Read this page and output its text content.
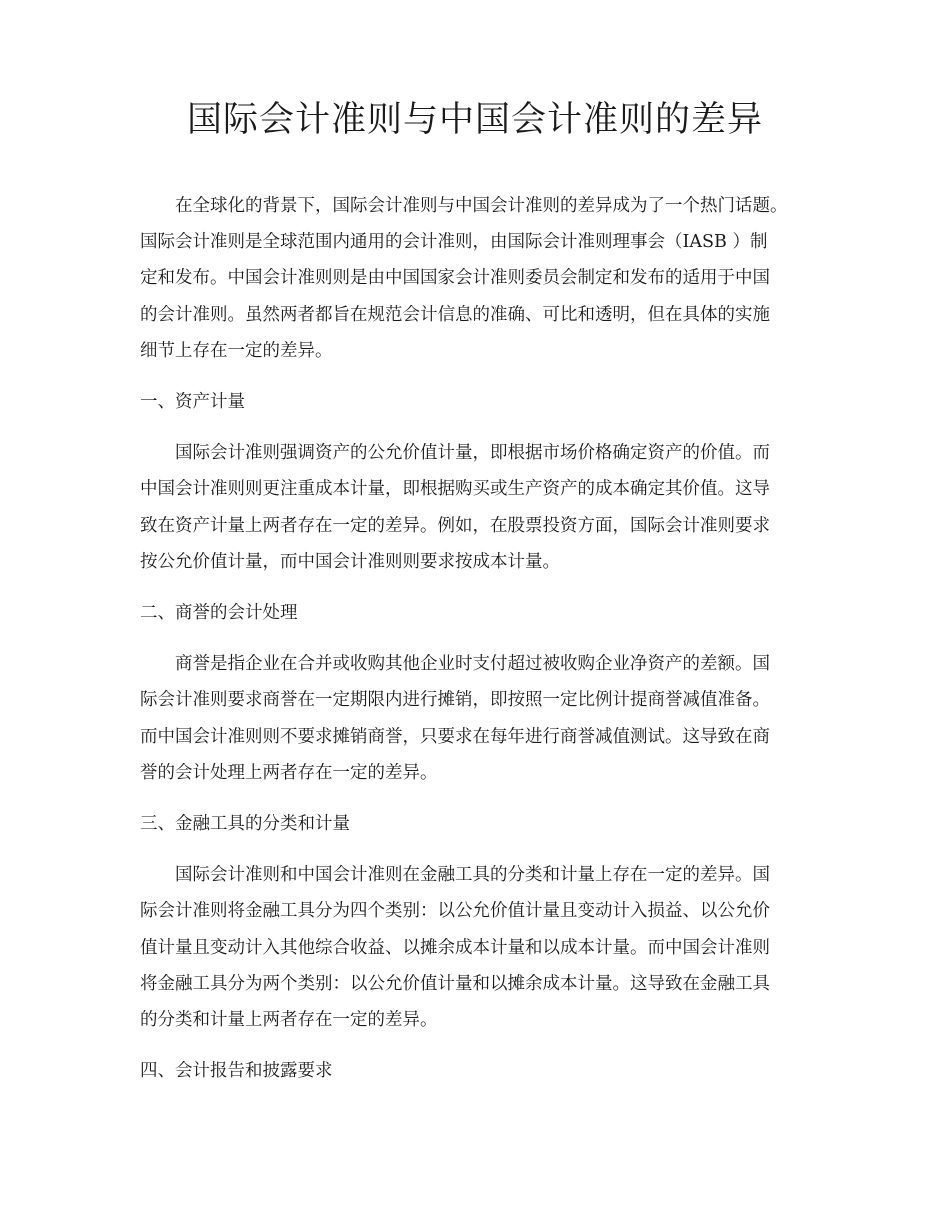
国际会计准则与中国会计准则的差异

在全球化的背景下，国际会计准则与中国会计准则的差异成为了一个热门话题。
国际会计准则是全球范围内通用的会计准则，由国际会计准则理事会（IASB ）制
定和发布。中国会计准则则是由中国国家会计准则委员会制定和发布的适用于中国
的会计准则。虽然两者都旨在规范会计信息的准确、可比和透明，但在具体的实施
细节上存在一定的差异。

一、资产计量

国际会计准则强调资产的公允价值计量，即根据市场价格确定资产的价值。而
中国会计准则则更注重成本计量，即根据购买或生产资产的成本确定其价值。这导
致在资产计量上两者存在一定的差异。例如，在股票投资方面，国际会计准则要求
按公允价值计量，而中国会计准则则要求按成本计量。

二、商誉的会计处理

商誉是指企业在合并或收购其他企业时支付超过被收购企业净资产的差额。国
际会计准则要求商誉在一定期限内进行摊销，即按照一定比例计提商誉减值准备。
而中国会计准则则不要求摊销商誉，只要求在每年进行商誉减值测试。这导致在商
誉的会计处理上两者存在一定的差异。

三、金融工具的分类和计量

国际会计准则和中国会计准则在金融工具的分类和计量上存在一定的差异。国
际会计准则将金融工具分为四个类别：以公允价值计量且变动计入损益、以公允价
值计量且变动计入其他综合收益、以摊余成本计量和以成本计量。而中国会计准则
将金融工具分为两个类别：以公允价值计量和以摊余成本计量。这导致在金融工具
的分类和计量上两者存在一定的差异。

四、会计报告和披露要求
